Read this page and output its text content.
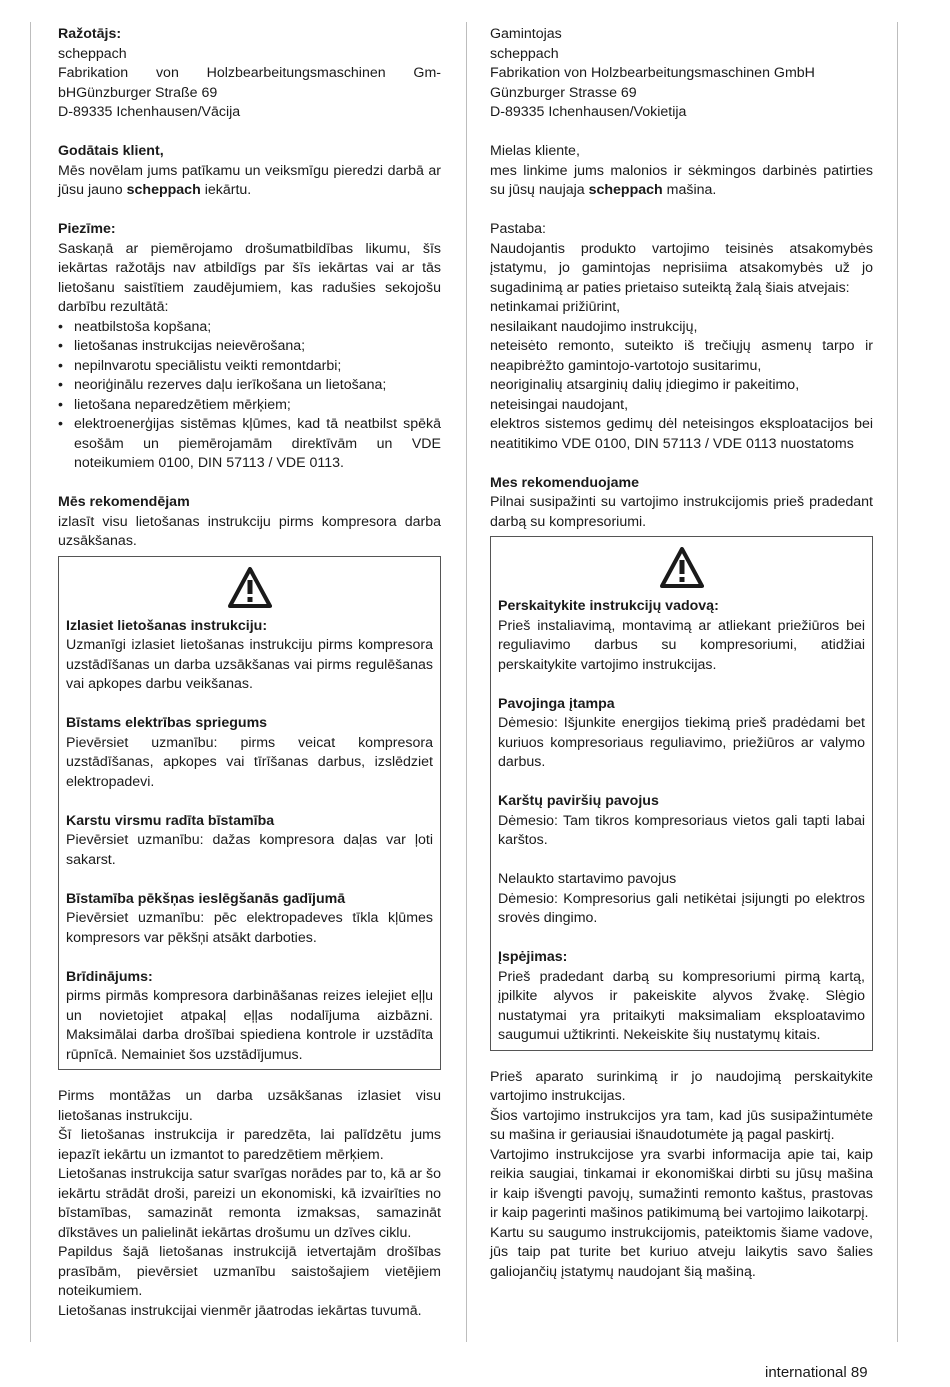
Ražotājs:

scheppach

Fabrikation von Holzbearbeitungsmaschinen Gm-bHGünzburger Straße 69

D-89335 Ichenhausen/Vācija

Godātais klient,

Mēs novēlam jums patīkamu un veiksmīgu pieredzi darbā ar jūsu jauno scheppach iekārtu.

Piezīme:

Saskaņā ar piemērojamo drošumatbildības likumu, šīs iekārtas ražotājs nav atbildīgs par šīs iekārtas vai ar tās lietošanu saistītiem zaudējumiem, kas radušies sekojošu darbību rezultātā:

• neatbilstoša kopšana;
• lietošanas instrukcijas neievērošana;
• nepilnvarotu speciālistu veikti remontdarbi;
• neoriģinālu rezerves daļu ierīkošana un lietošana;
• lietošana neparedzētiem mērķiem;
• elektroenerģijas sistēmas kļūmes, kad tā neatbilst spēkā esošām un piemērojamām direktīvām un VDE noteikumiem 0100, DIN 57113 / VDE 0113.

Mēs rekomendējam

izlasīt visu lietošanas instrukciju pirms kompresora darba uzsākšanas.

Izlasiet lietošanas instrukciju:

Uzmanīgi izlasiet lietošanas instrukciju pirms kompresora uzstādīšanas un darba uzsākšanas vai pirms regulēšanas vai apkopes darbu veikšanas.

Bīstams elektrības spriegums

Pievērsiet uzmanību: pirms veicat kompresora uzstādīšanas, apkopes vai tīrīšanas darbus, izslēdziet elektropadevi.

Karstu virsmu radīta bīstamība

Pievērsiet uzmanību: dažas kompresora daļas var ļoti sakarst.

Bīstamība pēkšņas ieslēgšanās gadījumā

Pievērsiet uzmanību: pēc elektropadeves tīkla kļūmes kompresors var pēkšņi atsākt darboties.

Brīdinājums:

pirms pirmās kompresora darbināšanas reizes ielejiet eļļu un novietojiet atpakaļ eļļas nodalījuma aizbāzni. Maksimālai darba drošībai spiediena kontrole ir uzstādīta rūpnīcā. Nemainiet šos uzstādījumus.

Pirms montāžas un darba uzsākšanas izlasiet visu lietošanas instrukciju.

Šī lietošanas instrukcija ir paredzēta, lai palīdzētu jums iepazīt iekārtu un izmantot to paredzētiem mērķiem.

Lietošanas instrukcija satur svarīgas norādes par to, kā ar šo iekārtu strādāt droši, pareizi un ekonomiski, kā izvairīties no bīstamības, samazināt remonta izmaksas, samazināt dīkstāves un palielināt iekārtas drošumu un dzīves ciklu.

Papildus šajā lietošanas instrukcijā ietvertajām drošības prasībām, pievērsiet uzmanību saistošajiem vietējiem noteikumiem.

Lietošanas instrukcijai vienmēr jāatrodas iekārtas tuvumā.

Gamintojas

scheppach

Fabrikation von Holzbearbeitungsmaschinen GmbH

Günzburger Strasse 69

D-89335 Ichenhausen/Vokietija

Mielas kliente,

mes linkime jums malonios ir sėkmingos darbinės patirties su jūsų naujaja scheppach mašina.

Pastaba:

Naudojantis produkto vartojimo teisinės atsakomybės įstatymu, jo gamintojas neprisiima atsakomybės už jo sugadinimą ar paties prietaiso suteiktą žalą šiais atvejais:

netinkamai prižiūrint,

nesilaikant naudojimo instrukcijų,

neteisėto remonto, suteikto iš trečiųjų asmenų tarpo ir neapibrėžto gamintojo-vartotojo susitarimu,

neoriginalių atsarginių dalių įdiegimo ir pakeitimo,

neteisingai naudojant,

elektros sistemos gedimų dėl neteisingos eksploatacijos bei neatitikimo VDE 0100, DIN 57113 / VDE 0113 nuostatoms

Mes rekomenduojame

Pilnai susipažinti su vartojimo instrukcijomis prieš pradedant darbą su kompresoriumi.

Perskaitykite instrukcijų vadovą:

Prieš instaliavimą, montavimą ar atliekant priežiūros bei reguliavimo darbus su kompresoriumi, atidžiai perskaitykite vartojimo instrukcijas.

Pavojinga įtampa

Dėmesio: Išjunkite energijos tiekimą prieš pradėdami bet kuriuos kompresoriaus reguliavimo, priežiūros ar valymo darbus.

Karštų paviršių pavojus

Dėmesio: Tam tikros kompresoriaus vietos gali tapti labai karštos.

Nelaukto startavimo pavojus

Dėmesio: Kompresorius gali netikėtai įsijungti po elektros srovės dingimo.

Įspėjimas:

Prieš pradedant darbą su kompresoriumi pirmą kartą, įpilkite alyvos ir pakeiskite alyvos žvakę. Slėgio nustatymai yra pritaikyti maksimaliam eksploatavimo saugumui užtikrinti. Nekeiskite šių nustatymų kitais.

Prieš aparato surinkimą ir jo naudojimą perskaitykite vartojimo instrukcijas.

Šios vartojimo instrukcijos yra tam, kad jūs susipažintumėte su mašina ir geriausiai išnaudotumėte ją pagal paskirtį.

Vartojimo instrukcijose yra svarbi informacija apie tai, kaip reikia saugiai, tinkamai ir ekonomiškai dirbti su jūsų mašina ir kaip išvengti pavojų, sumažinti remonto kaštus, prastovas ir kaip pagerinti mašinos patikimumą bei vartojimo laikotarpį.

Kartu su saugumo instrukcijomis, pateiktomis šiame vadove, jūs taip pat turite bet kuriuo atveju laikytis savo šalies galiojančių įstatymų naudojant šią mašiną.

international 89
